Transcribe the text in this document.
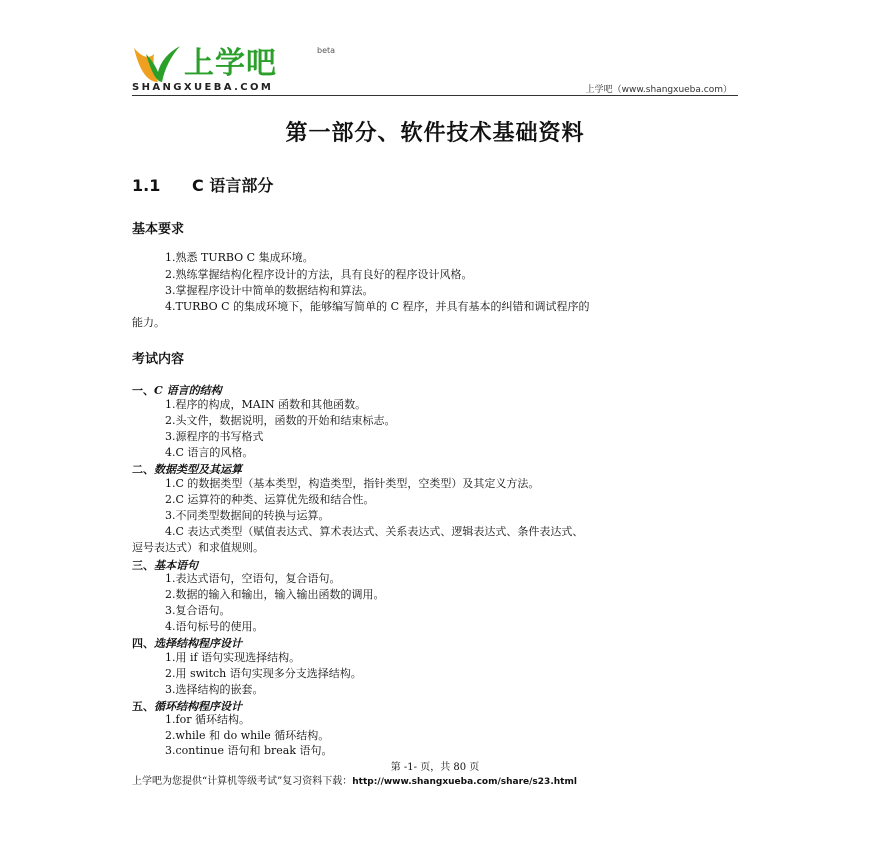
上学吧	beta
SHANGXUEBA.COM	上学吧（www.shangxueba.com）
第一部分、软件技术基础资料
1.1 C 语言部分
基本要求
1.熟悉 TURBO C 集成环境。
2.熟练掌握结构化程序设计的方法，具有良好的程序设计风格。
3.掌握程序设计中简单的数据结构和算法。
4.TURBO C 的集成环境下，能够编写简单的 C 程序，并具有基本的纠错和调试程序的
能力。
考试内容
一、C 语言的结构
1.程序的构成，MAIN 函数和其他函数。
2.头文件，数据说明，函数的开始和结束标志。
3.源程序的书写格式
4.C 语言的风格。
二、数据类型及其运算
1.C 的数据类型（基本类型，构造类型，指针类型，空类型）及其定义方法。
2.C 运算符的种类、运算优先级和结合性。
3.不同类型数据间的转换与运算。
4.C 表达式类型（赋值表达式、算术表达式、关系表达式、逻辑表达式、条件表达式、
逗号表达式）和求值规则。
三、基本语句
1.表达式语句，空语句，复合语句。
2.数据的输入和输出，输入输出函数的调用。
3.复合语句。
4.语句标号的使用。
四、选择结构程序设计
1.用 if 语句实现选择结构。
2.用 switch 语句实现多分支选择结构。
3.选择结构的嵌套。
五、循环结构程序设计
1.for 循环结构。
2.while 和 do while 循环结构。
3.continue 语句和 break 语句。
第 -1- 页，共 80 页
上学吧为您提供“计算机等级考试”复习资料下载：http://www.shangxueba.com/share/s23.html
